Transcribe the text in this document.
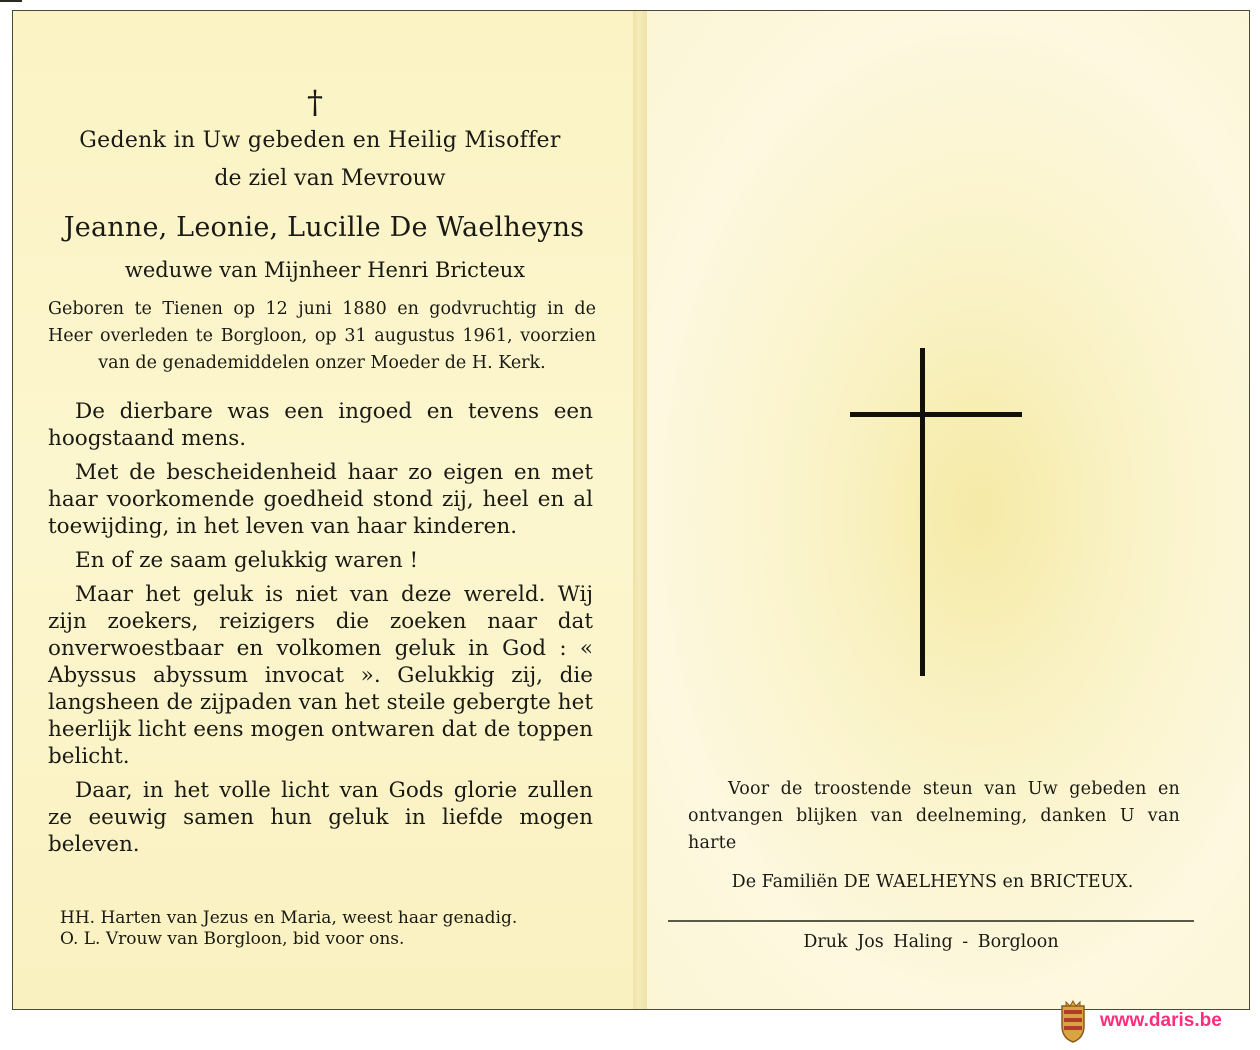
†
Gedenk in Uw gebeden en Heilig Misoffer
de ziel van Mevrouw
Jeanne, Leonie, Lucille De Waelheyns
weduwe van Mijnheer Henri Bricteux
Geboren te Tienen op 12 juni 1880 en godvruchtig in de Heer overleden te Borgloon, op 31 augustus 1961, voorzien van de genademiddelen onzer Moeder de H. Kerk.

De dierbare was een ingoed en tevens een hoogstaand mens.

Met de bescheidenheid haar zo eigen en met haar voorkomende goedheid stond zij, heel en al toewijding, in het leven van haar kinderen.

En of ze saam gelukkig waren !

Maar het geluk is niet van deze wereld. Wij zijn zoekers, reizigers die zoeken naar dat onverwoestbaar en volkomen geluk in God : « Abyssus abyssum invocat ». Gelukkig zij, die langsheen de zijpaden van het steile gebergte het heerlijk licht eens mogen ontwaren dat de toppen belicht.

Daar, in het volle licht van Gods glorie zullen ze eeuwig samen hun geluk in liefde mogen beleven.

HH. Harten van Jezus en Maria, weest haar genadig.
O. L. Vrouw van Borgloon, bid voor ons.
Voor de troostende steun van Uw gebeden en ontvangen blijken van deelneming, danken U van harte
De Familiën DE WAELHEYNS en BRICTEUX.
Druk Jos Haling - Borgloon
www.daris.be
